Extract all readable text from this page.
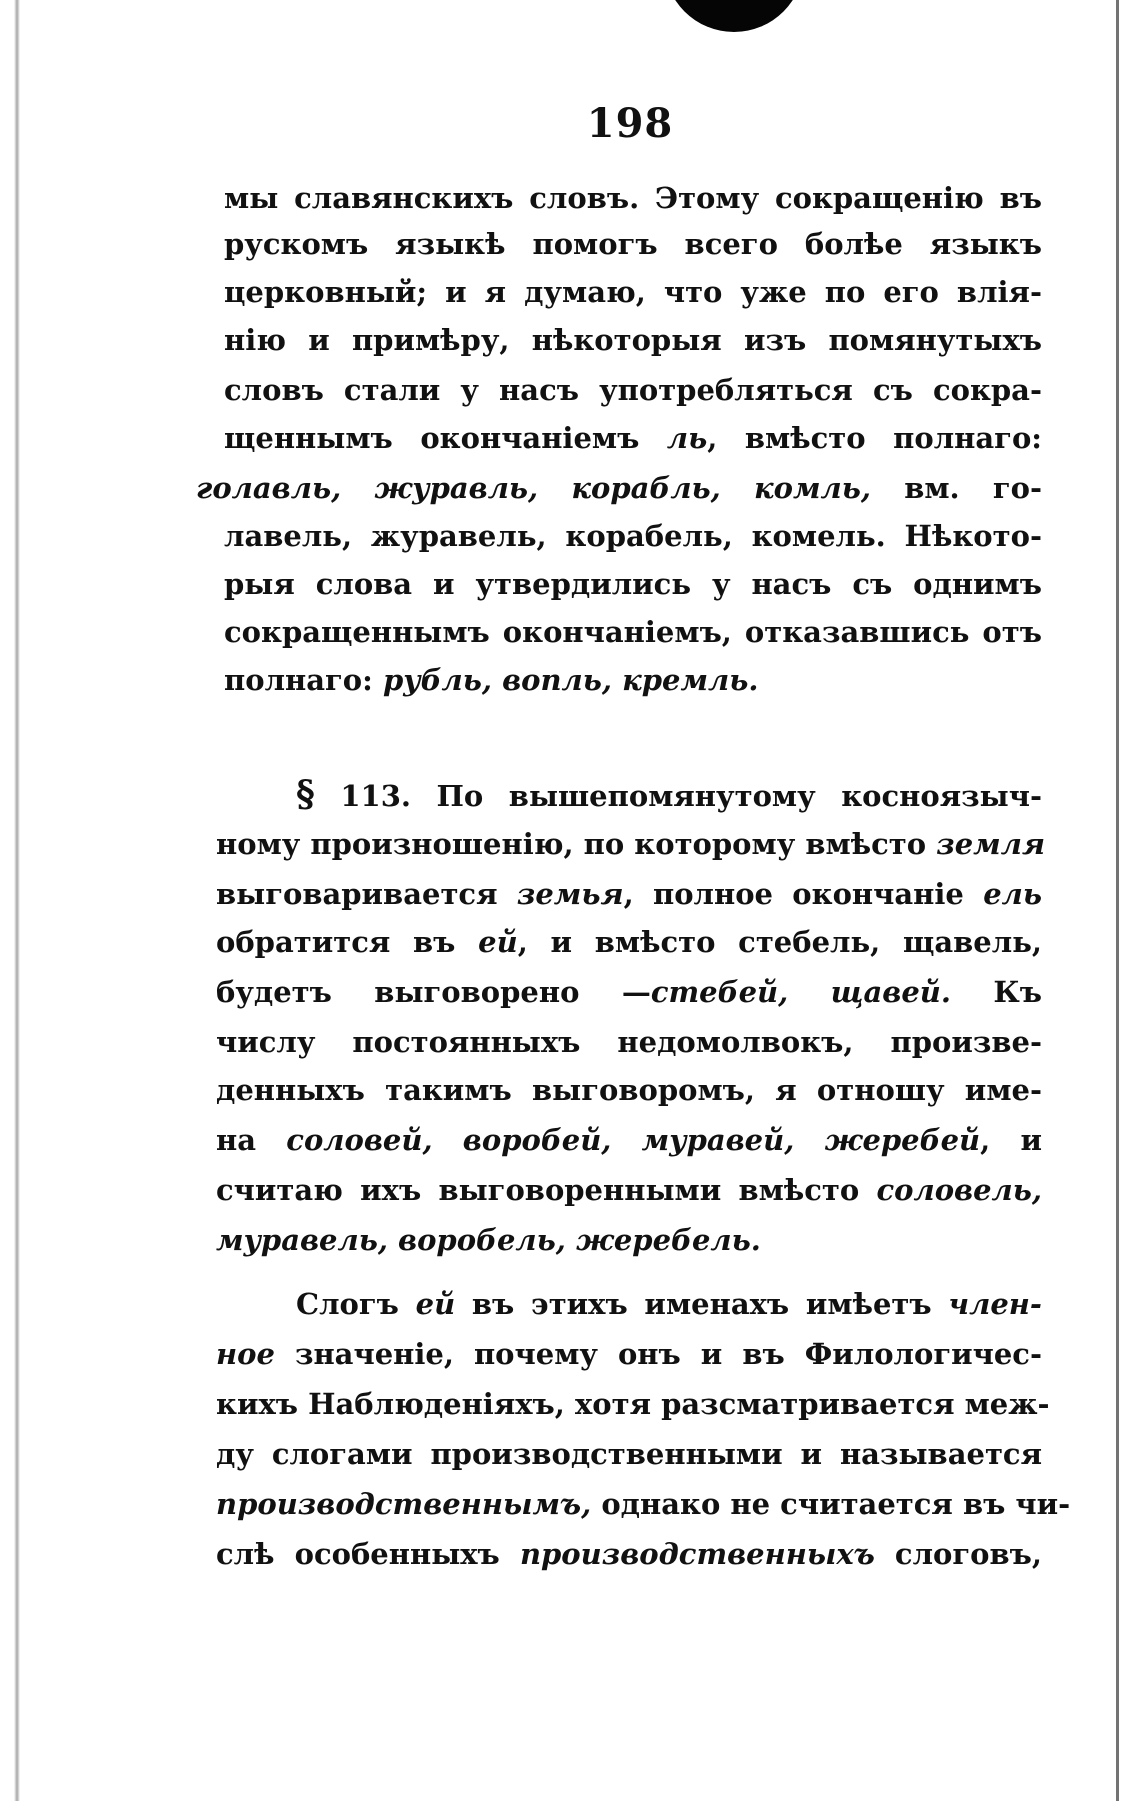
198
мы славянскихъ словъ. Этому сокращенію въ
рускомъ языкѣ помогъ всего болѣе языкъ
церковный; и я думаю, что уже по его влія-
нію и примѣру, нѣкоторыя изъ помянутыхъ
словъ стали у насъ употребляться съ сокра-
щеннымъ окончаніемъ ль, вмѣсто полнаго:
голавль, журавль, корабль, комль, вм. го-
лавель, журавель, корабель, комель. Нѣкото-
рыя слова и утвердились у насъ съ однимъ
сокращеннымъ окончаніемъ, отказавшись отъ
полнаго: рубль, вопль, кремль.
§ 113. По вышепомянутому косноязыч-
ному произношенію, по которому вмѣсто земля
выговаривается земья, полное окончаніе ель
обратится въ ей, и вмѣсто стебель, щавель,
будетъ выговорено —стебей, щавей. Къ
числу постоянныхъ недомолвокъ, произве-
денныхъ такимъ выговоромъ, я отношу име-
на соловей, воробей, муравей, жеребей, и
считаю ихъ выговоренными вмѣсто соловель,
муравель, воробель, жеребель.
Слогъ ей въ этихъ именахъ имѣетъ член-
ное значеніе, почему онъ и въ Филологичес-
кихъ Наблюденіяхъ, хотя разсматривается меж-
ду слогами производственными и называется
производственнымъ, однако не считается въ чи-
слѣ особенныхъ производственныхъ слоговъ,
